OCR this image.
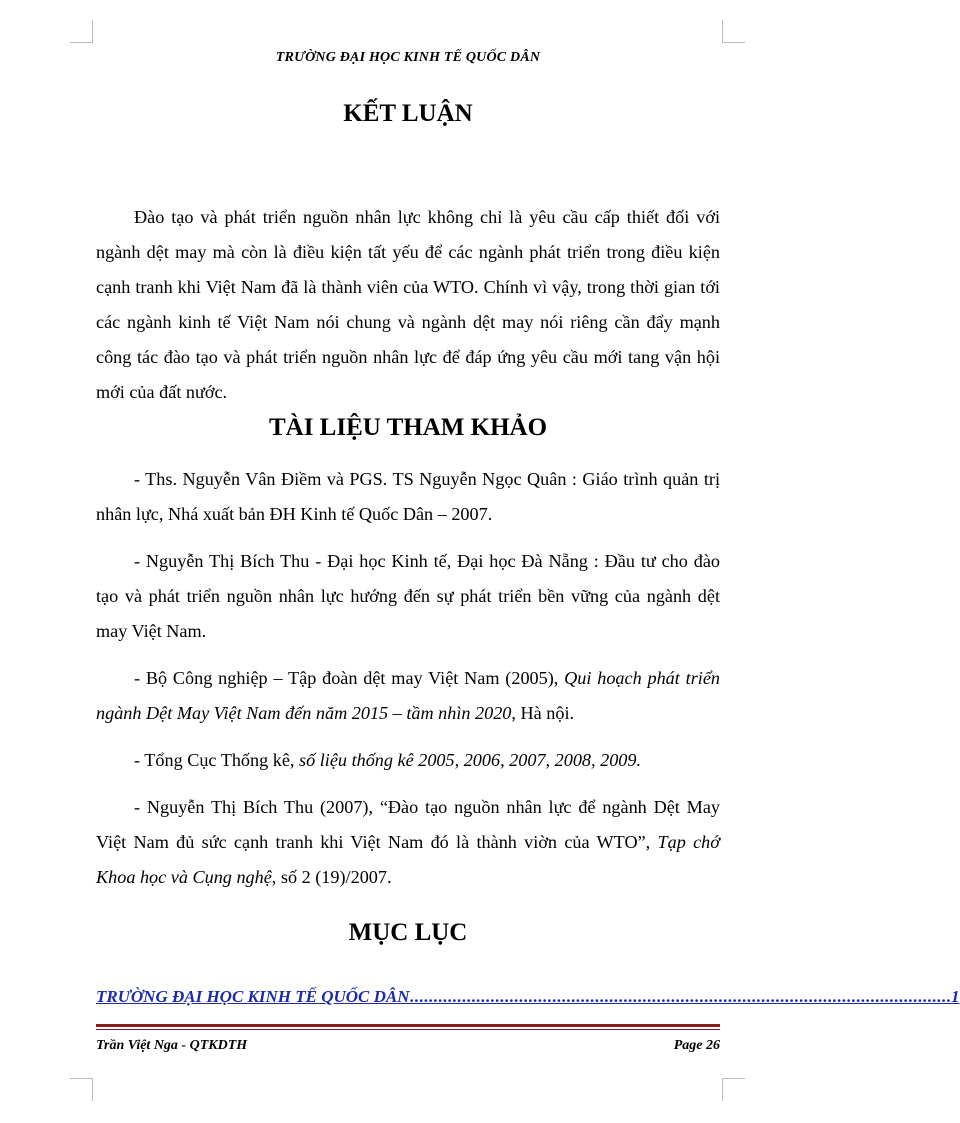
TRƯỜNG ĐẠI HỌC KINH TẾ QUỐC DÂN
KẾT LUẬN

Đào tạo và phát triển nguồn nhân lực không chỉ là yêu cầu cấp thiết đối với ngành dệt may mà còn là điều kiện tất yếu để các ngành phát triển trong điều kiện cạnh tranh khi Việt Nam đã là thành viên của WTO. Chính vì vậy, trong thời gian tới các ngành kinh tế Việt Nam nói chung và ngành dệt may nói riêng cần đẩy mạnh công tác đào tạo và phát triển nguồn nhân lực để đáp ứng yêu cầu mới tang vận hội mới của đất nước.

TÀI LIỆU THAM KHẢO

- Ths. Nguyễn Vân Điềm và PGS. TS Nguyễn Ngọc Quân : Giáo trình quản trị nhân lực, Nhá xuất bản ĐH Kinh tế Quốc Dân – 2007.

- Nguyễn Thị Bích Thu - Đại học Kinh tế, Đại học Đà Nẵng : Đầu tư cho đào tạo và phát triển nguồn nhân lực hướng đến sự phát triển bền vững của ngành dệt may Việt Nam.

- Bộ Công nghiệp – Tập đoàn dệt may Việt Nam (2005), Qui hoạch phát triển ngành Dệt May Việt Nam đến năm 2015 – tầm nhìn 2020, Hà nội.

- Tổng Cục Thống kê, số liệu thống kê 2005, 2006, 2007, 2008, 2009.

- Nguyễn Thị Bích Thu (2007), “Đào tạo nguồn nhân lực để ngành Dệt May Việt Nam đủ sức cạnh tranh khi Việt Nam đó là thành viờn của WTO”, Tạp chớ Khoa học và Cụng nghệ, số 2 (19)/2007.

MỤC LỤC
TRƯỜNG ĐẠI HỌC KINH TẾ QUỐC DÂN .................................................................................................................. 1
Trần Việt Nga - QTKDTH	Page 26
